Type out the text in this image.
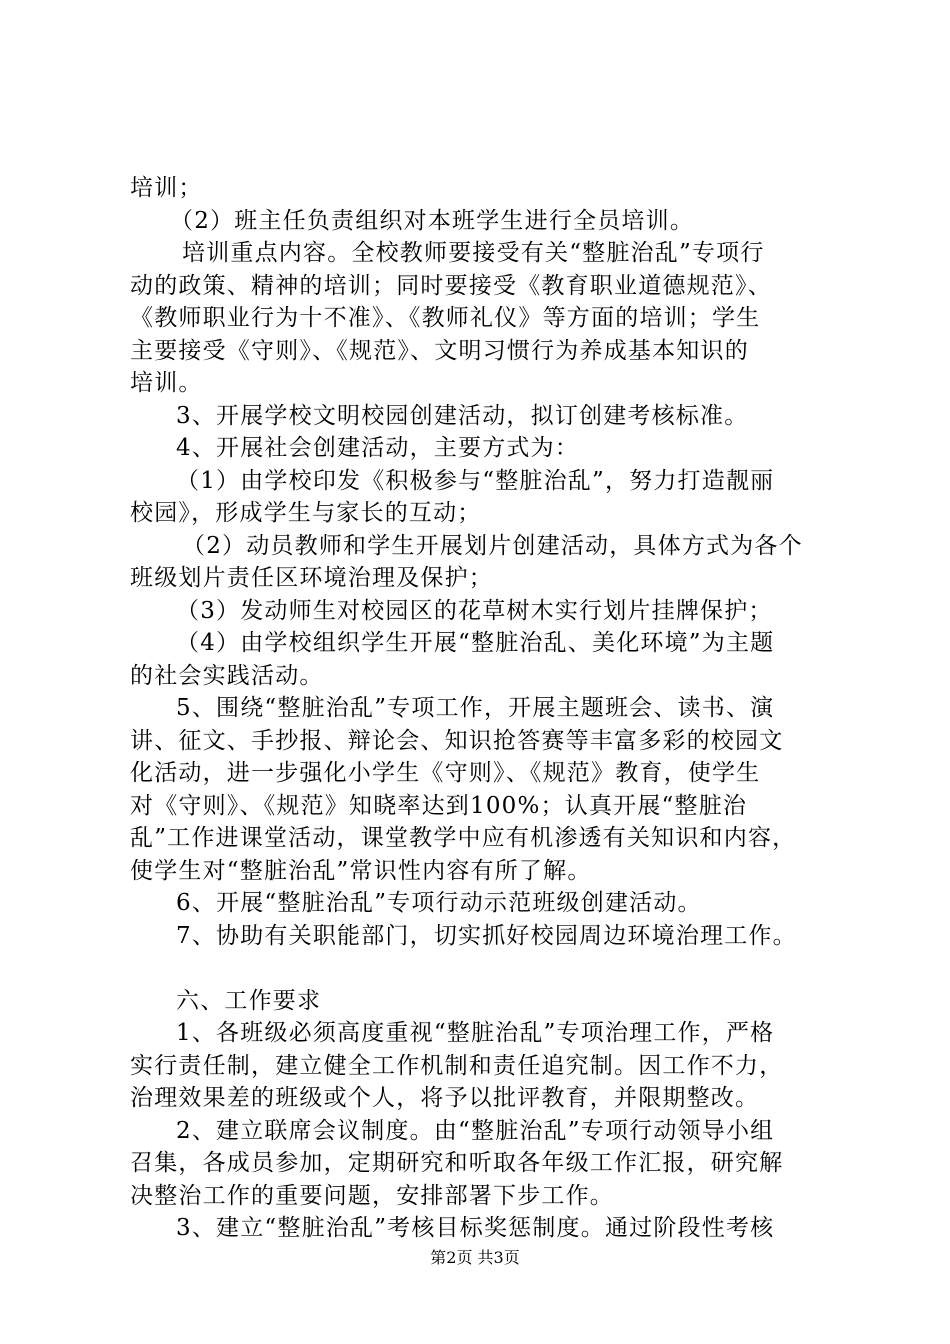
培训；
（2）班主任负责组织对本班学生进行全员培训。
培训重点内容。全校教师要接受有关“整脏治乱”专项行
动的政策、精神的培训；同时要接受《教育职业道德规范》、
《教师职业行为十不准》、《教师礼仪》等方面的培训；学生
主要接受《守则》、《规范》、文明习惯行为养成基本知识的
培训。
3、开展学校文明校园创建活动，拟订创建考核标准。
4、开展社会创建活动，主要方式为：
（1）由学校印发《积极参与“整脏治乱”，努力打造靓丽
校园》，形成学生与家长的互动；
（2）动员教师和学生开展划片创建活动，具体方式为各个
班级划片责任区环境治理及保护；
（3）发动师生对校园区的花草树木实行划片挂牌保护；
（4）由学校组织学生开展“整脏治乱、美化环境”为主题
的社会实践活动。
5、围绕“整脏治乱”专项工作，开展主题班会、读书、演
讲、征文、手抄报、辩论会、知识抢答赛等丰富多彩的校园文
化活动，进一步强化小学生《守则》、《规范》教育，使学生
对《守则》、《规范》知晓率达到100%；认真开展“整脏治
乱”工作进课堂活动，课堂教学中应有机渗透有关知识和内容，
使学生对“整脏治乱”常识性内容有所了解。
6、开展“整脏治乱”专项行动示范班级创建活动。
7、协助有关职能部门，切实抓好校园周边环境治理工作。
六、工作要求
1、各班级必须高度重视“整脏治乱”专项治理工作，严格
实行责任制，建立健全工作机制和责任追究制。因工作不力，
治理效果差的班级或个人，将予以批评教育，并限期整改。
2、建立联席会议制度。由“整脏治乱”专项行动领导小组
召集，各成员参加，定期研究和听取各年级工作汇报，研究解
决整治工作的重要问题，安排部署下步工作。
3、建立“整脏治乱”考核目标奖惩制度。通过阶段性考核
第2页 共3页
